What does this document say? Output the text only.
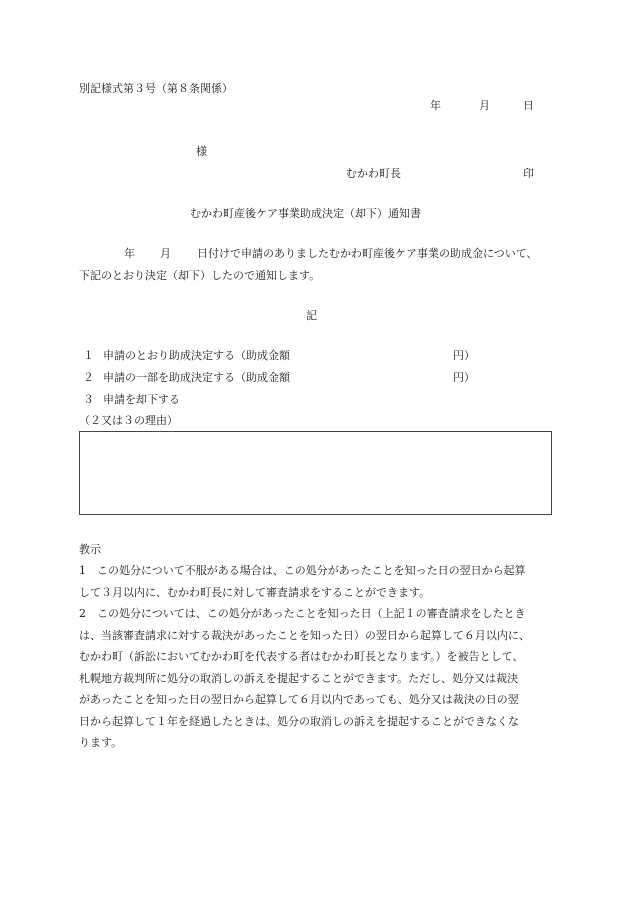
別記様式第３号（第８条関係）
年	月	日
様
むかわ町長	印
むかわ町産後ケア事業助成決定（却下）通知書
年 月 日付けで申請のありましたむかわ町産後ケア事業の助成金について、
下記のとおり決定（却下）したので通知します。
記
１ 申請のとおり助成決定する（助成金額	円）
２ 申請の一部を助成決定する（助成金額	円）
３ 申請を却下する
（２又は３の理由）
教示
1　この処分について不服がある場合は、この処分があったことを知った日の翌日から起算
して３月以内に、むかわ町長に対して審査請求をすることができます。
2　この処分については、この処分があったことを知った日（上記１の審査請求をしたとき
は、当該審査請求に対する裁決があったことを知った日）の翌日から起算して６月以内に、
むかわ町（訴訟においてむかわ町を代表する者はむかわ町長となります。）を被告として、
札幌地方裁判所に処分の取消しの訴えを提起することができます。ただし、処分又は裁決
があったことを知った日の翌日から起算して６月以内であっても、処分又は裁決の日の翌
日から起算して１年を経過したときは、処分の取消しの訴えを提起することができなくな
ります。
